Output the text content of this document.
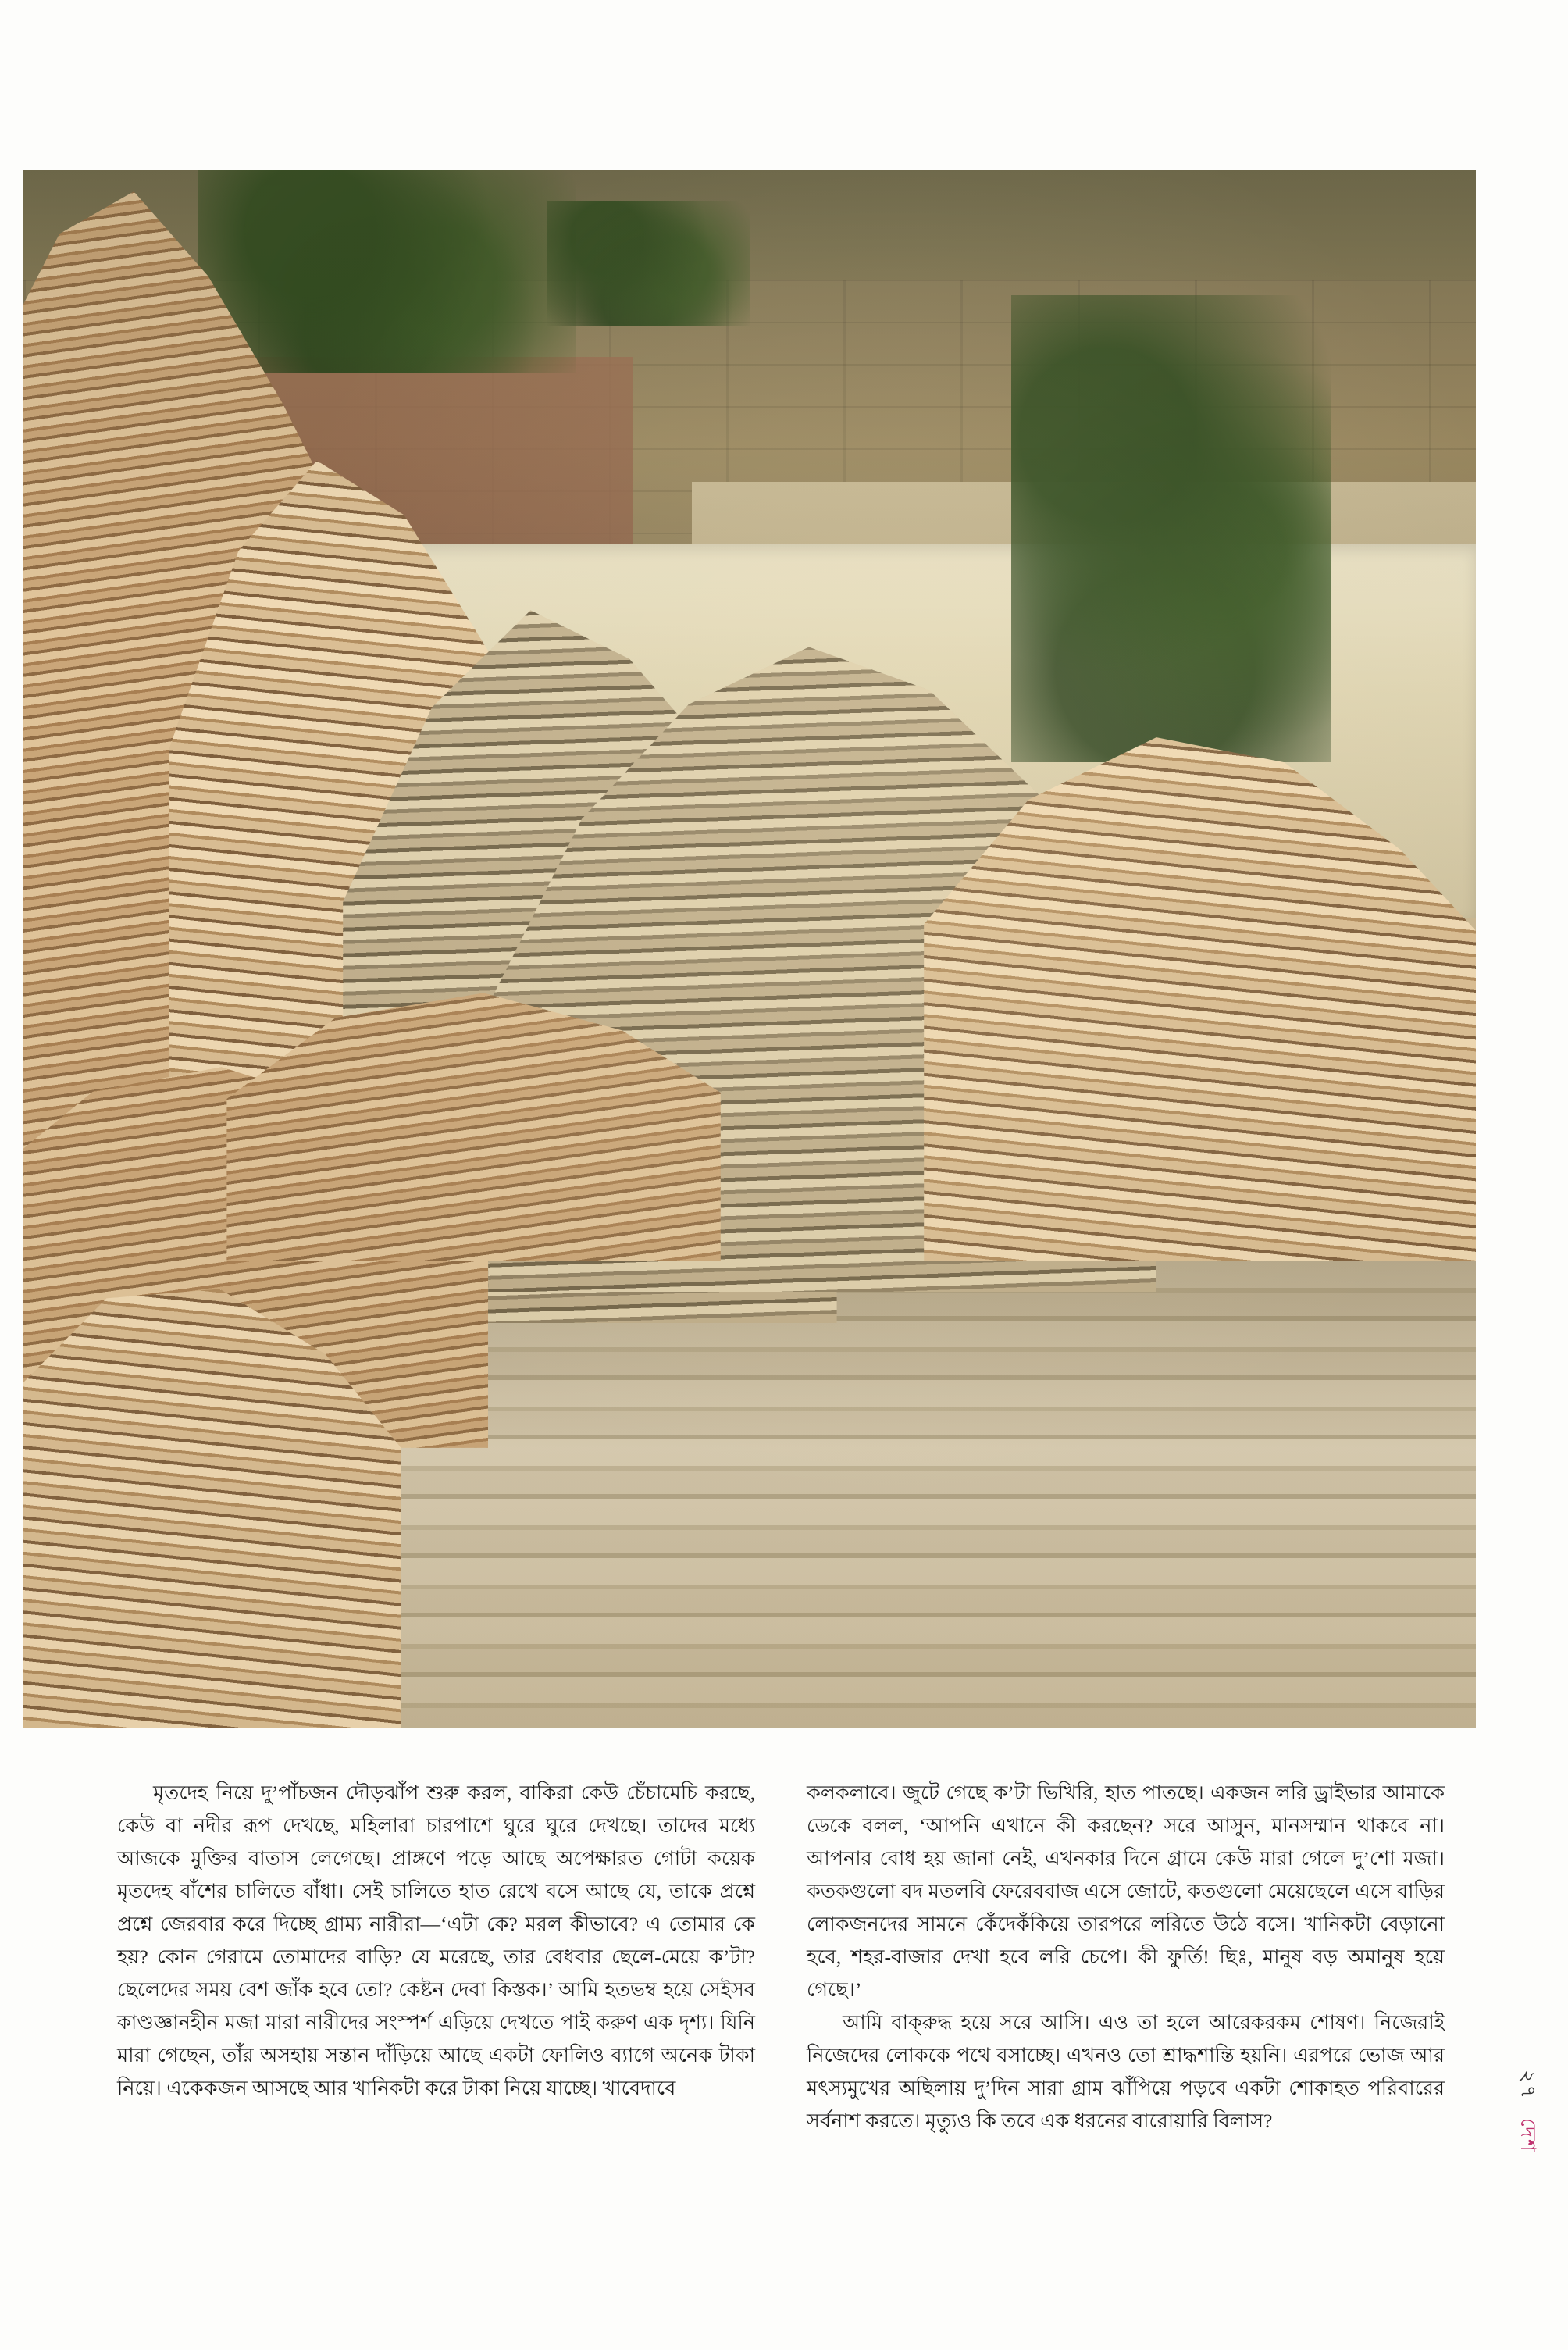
মৃতদেহ নিয়ে দু’পাঁচজন দৌড়ঝাঁপ শুরু করল, বাকিরা কেউ চেঁচামেচি করছে, কেউ বা নদীর রূপ দেখছে, মহিলারা চারপাশে ঘুরে ঘুরে দেখছে। তাদের মধ্যে আজকে মুক্তির বাতাস লেগেছে। প্রাঙ্গণে পড়ে আছে অপেক্ষারত গোটা কয়েক মৃতদেহ বাঁশের চালিতে বাঁধা। সেই চালিতে হাত রেখে বসে আছে যে, তাকে প্রশ্নে প্রশ্নে জেরবার করে দিচ্ছে গ্রাম্য নারীরা—‘এটা কে? মরল কীভাবে? এ তোমার কে হয়? কোন গেরামে তোমাদের বাড়ি? যে মরেছে, তার বেধবার ছেলে-মেয়ে ক’টা? ছেলেদের সময় বেশ জাঁক হবে তো? কেষ্টন দেবা কিস্তক।’ আমি হতভম্ব হয়ে সেইসব কাণ্ডজ্ঞানহীন মজা মারা নারীদের সংস্পর্শ এড়িয়ে দেখতে পাই করুণ এক দৃশ্য। যিনি মারা গেছেন, তাঁর অসহায় সন্তান দাঁড়িয়ে আছে একটা ফোলিও ব্যাগে অনেক টাকা নিয়ে। একেকজন আসছে আর খানিকটা করে টাকা নিয়ে যাচ্ছে। খাবেদাবে

কলকলাবে। জুটে গেছে ক’টা ভিখিরি, হাত পাতছে। একজন লরি ড্রাইভার আমাকে ডেকে বলল, ‘আপনি এখানে কী করছেন? সরে আসুন, মানসম্মান থাকবে না। আপনার বোধ হয় জানা নেই, এখনকার দিনে গ্রামে কেউ মারা গেলে দু’শো মজা। কতকগুলো বদ মতলবি ফেরেববাজ এসে জোটে, কতগুলো মেয়েছেলে এসে বাড়ির লোকজনদের সামনে কেঁদেকঁকিয়ে তারপরে লরিতে উঠে বসে। খানিকটা বেড়ানো হবে, শহর-বাজার দেখা হবে লরি চেপে। কী ফুর্তি! ছিঃ, মানুষ বড় অমানুষ হয়ে গেছে।’

আমি বাক্‌রুদ্ধ হয়ে সরে আসি। এও তা হলে আরেকরকম শোষণ। নিজেরাই নিজেদের লোককে পথে বসাচ্ছে। এখনও তো শ্রাদ্ধশান্তি হয়নি। এরপরে ভোজ আর মৎস্যমুখের অছিলায় দু’দিন সারা গ্রাম ঝাঁপিয়ে পড়বে একটা শোকাহত পরিবারের সর্বনাশ করতে। মৃত্যুও কি তবে এক ধরনের বারোয়ারি বিলাস?

২৭ দেশ
